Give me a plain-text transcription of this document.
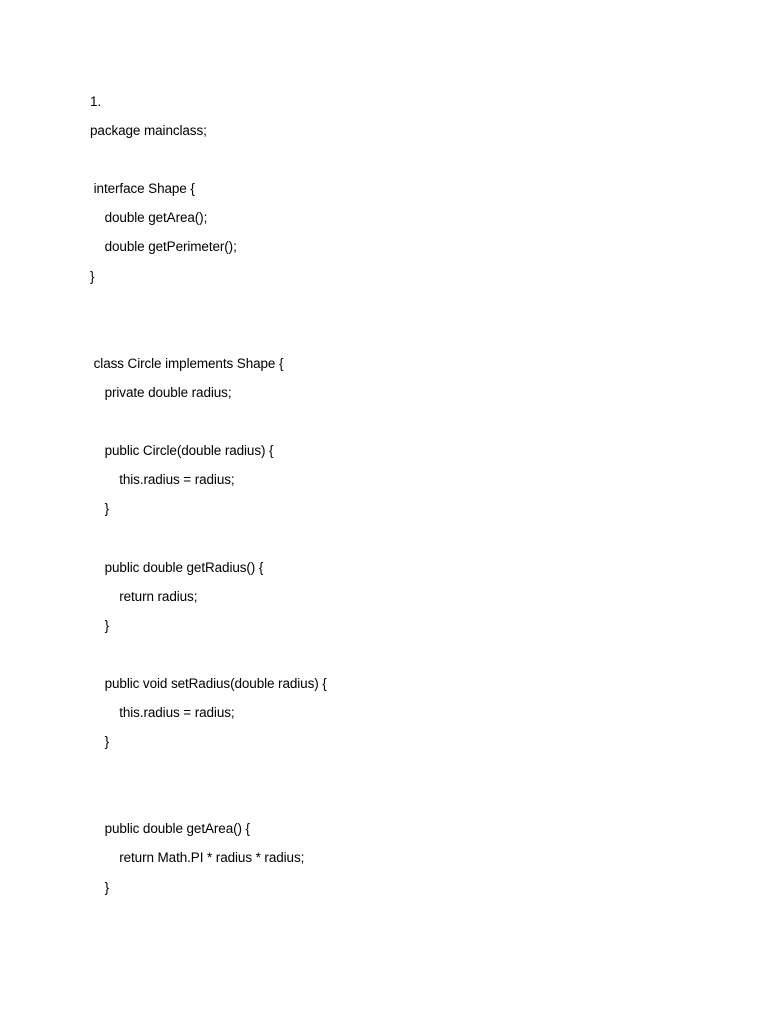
1.
package mainclass;
interface Shape {
double getArea();
double getPerimeter();
}
class Circle implements Shape {
private double radius;
public Circle(double radius) {
this.radius = radius;
}
public double getRadius() {
return radius;
}
public void setRadius(double radius) {
this.radius = radius;
}
public double getArea() {
return Math.PI * radius * radius;
}
